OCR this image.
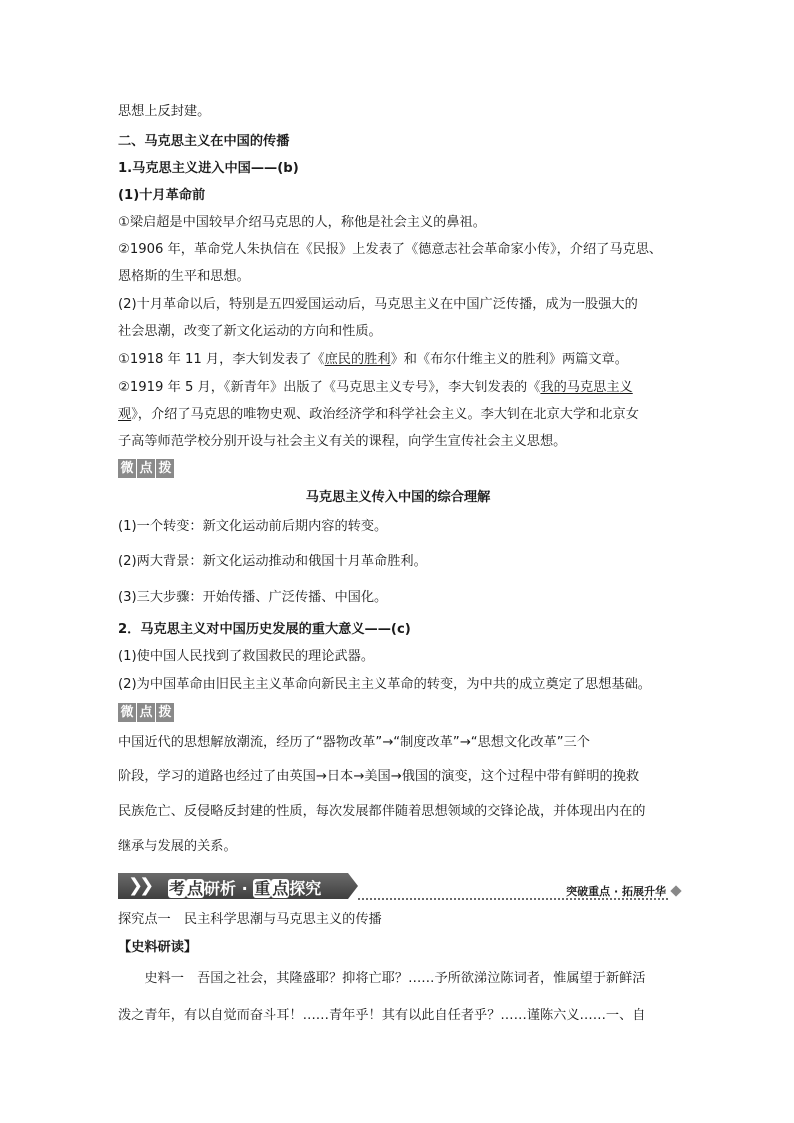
思想上反封建。
二、马克思主义在中国的传播
1.马克思主义进入中国——(b)
(1)十月革命前
①梁启超是中国较早介绍马克思的人，称他是社会主义的鼻祖。
②1906 年，革命党人朱执信在《民报》上发表了《德意志社会革命家小传》，介绍了马克思、
恩格斯的生平和思想。
(2)十月革命以后，特别是五四爱国运动后，马克思主义在中国广泛传播，成为一股强大的
社会思潮，改变了新文化运动的方向和性质。
①1918 年 11 月，李大钊发表了《庶民的胜利》和《布尔什维主义的胜利》两篇文章。
②1919 年 5 月，《新青年》出版了《马克思主义专号》，李大钊发表的《我的马克思主义
观》，介绍了马克思的唯物史观、政治经济学和科学社会主义。李大钊在北京大学和北京女
子高等师范学校分别开设与社会主义有关的课程，向学生宣传社会主义思想。
微 点 拨
马克思主义传入中国的综合理解
(1)一个转变：新文化运动前后期内容的转变。
(2)两大背景：新文化运动推动和俄国十月革命胜利。
(3)三大步骤：开始传播、广泛传播、中国化。
2．马克思主义对中国历史发展的重大意义——(c)
(1)使中国人民找到了救国救民的理论武器。
(2)为中国革命由旧民主主义革命向新民主主义革命的转变，为中共的成立奠定了思想基础。
微 点 拨
中国近代的思想解放潮流，经历了“器物改革”→“制度改革”→“思想文化改革”三个
阶段，学习的道路也经过了由英国→日本→美国→俄国的演变，这个过程中带有鲜明的挽救
民族危亡、反侵略反封建的性质，每次发展都伴随着思想领域的交锋论战，并体现出内在的
继承与发展的关系。
❯❯ 考 点研析 · 重 点探究	突破重点 · 拓展升华
探究点一　民主科学思潮与马克思主义的传播
【史料研读】
　　史料一　吾国之社会，其隆盛耶？抑将亡耶？……予所欲涕泣陈词者，惟属望于新鲜活
泼之青年，有以自觉而奋斗耳！……青年乎！其有以此自任者乎？……谨陈六义……一、自
